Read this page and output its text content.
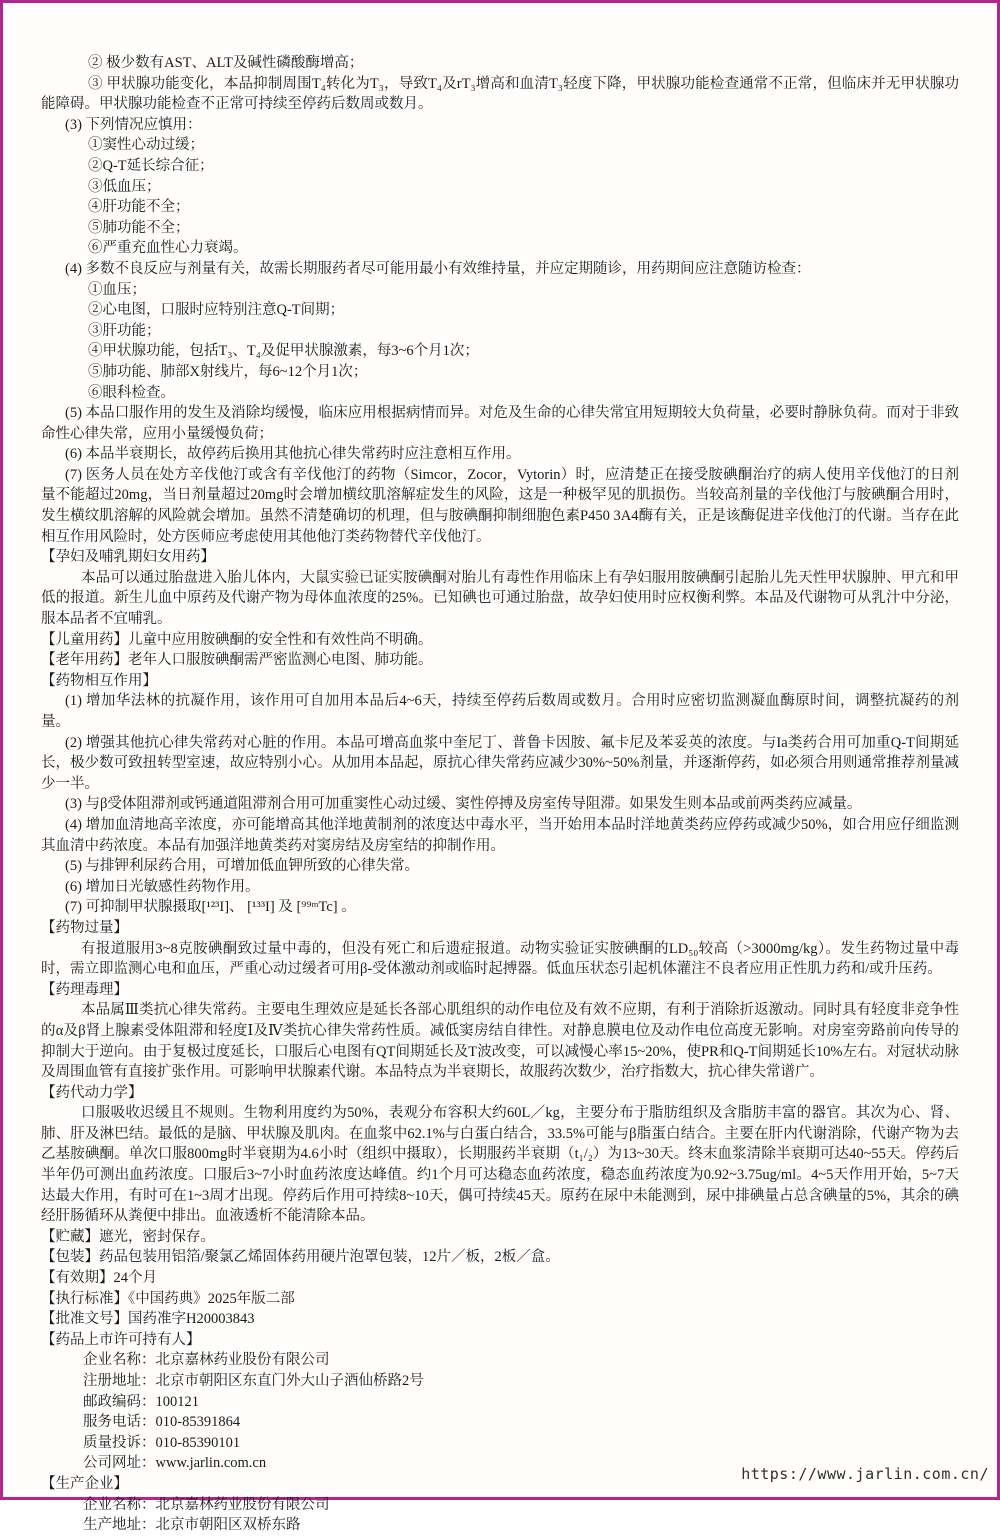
② 极少数有AST、ALT及碱性磷酸酶增高；

③ 甲状腺功能变化，本品抑制周围T₄转化为T₃，导致T₄及rT₃增高和血清T₃轻度下降，甲状腺功能检查通常不正常，但临床并无甲状腺功能障碍。甲状腺功能检查不正常可持续至停药后数周或数月。

(3) 下列情况应慎用：

①窦性心动过缓；

②Q-T延长综合征；

③低血压；

④肝功能不全；

⑤肺功能不全；

⑥严重充血性心力衰竭。

(4) 多数不良反应与剂量有关，故需长期服药者尽可能用最小有效维持量，并应定期随诊，用药期间应注意随访检查：

①血压；

②心电图，口服时应特别注意Q-T间期；

③肝功能；

④甲状腺功能，包括T₃、T₄及促甲状腺激素，每3~6个月1次；

⑤肺功能、肺部X射线片，每6~12个月1次；

⑥眼科检查。

(5) 本品口服作用的发生及消除均缓慢，临床应用根据病情而异。对危及生命的心律失常宜用短期较大负荷量，必要时静脉负荷。而对于非致命性心律失常，应用小量缓慢负荷；

(6) 本品半衰期长，故停药后换用其他抗心律失常药时应注意相互作用。

(7) 医务人员在处方辛伐他汀或含有辛伐他汀的药物（Simcor，Zocor，Vytorin）时，应清楚正在接受胺碘酮治疗的病人使用辛伐他汀的日剂量不能超过20mg，当日剂量超过20mg时会增加横纹肌溶解症发生的风险，这是一种极罕见的肌损伤。当较高剂量的辛伐他汀与胺碘酮合用时，发生横纹肌溶解的风险就会增加。虽然不清楚确切的机理，但与胺碘酮抑制细胞色素P450 3A4酶有关，正是该酶促进辛伐他汀的代谢。当存在此相互作用风险时，处方医师应考虑使用其他他汀类药物替代辛伐他汀。

【孕妇及哺乳期妇女用药】

本品可以通过胎盘进入胎儿体内，大鼠实验已证实胺碘酮对胎儿有毒性作用临床上有孕妇服用胺碘酮引起胎儿先天性甲状腺肿、甲亢和甲低的报道。新生儿血中原药及代谢产物为母体血浓度的25%。已知碘也可通过胎盘，故孕妇使用时应权衡利弊。本品及代谢物可从乳汁中分泌，服本品者不宜哺乳。

【儿童用药】儿童中应用胺碘酮的安全性和有效性尚不明确。

【老年用药】老年人口服胺碘酮需严密监测心电图、肺功能。

【药物相互作用】

(1) 增加华法林的抗凝作用，该作用可自加用本品后4~6天，持续至停药后数周或数月。合用时应密切监测凝血酶原时间，调整抗凝药的剂量。

(2) 增强其他抗心律失常药对心脏的作用。本品可增高血浆中奎尼丁、普鲁卡因胺、氟卡尼及苯妥英的浓度。与Ia类药合用可加重Q-T间期延长，极少数可致扭转型室速，故应特别小心。从加用本品起，原抗心律失常药应减少30%~50%剂量，并逐渐停药，如必须合用则通常推荐剂量减少一半。

(3) 与β受体阻滞剂或钙通道阻滞剂合用可加重窦性心动过缓、窦性停搏及房室传导阻滞。如果发生则本品或前两类药应减量。

(4) 增加血清地高辛浓度，亦可能增高其他洋地黄制剂的浓度达中毒水平，当开始用本品时洋地黄类药应停药或减少50%，如合用应仔细监测其血清中药浓度。本品有加强洋地黄类药对窦房结及房室结的抑制作用。

(5) 与排钾利尿药合用，可增加低血钾所致的心律失常。

(6) 增加日光敏感性药物作用。

(7) 可抑制甲状腺摄取[¹²³I]、 [¹³³I] 及 [⁹⁹ᵐTc] 。

【药物过量】

有报道服用3~8克胺碘酮致过量中毒的，但没有死亡和后遗症报道。动物实验证实胺碘酮的LD₅₀较高（>3000mg/kg）。发生药物过量中毒时，需立即监测心电和血压，严重心动过缓者可用β-受体激动剂或临时起搏器。低血压状态引起机体灌注不良者应用正性肌力药和/或升压药。

【药理毒理】

本品属Ⅲ类抗心律失常药。主要电生理效应是延长各部心肌组织的动作电位及有效不应期，有利于消除折返激动。同时具有轻度非竞争性的α及β肾上腺素受体阻滞和轻度Ⅰ及Ⅳ类抗心律失常药性质。减低窦房结自律性。对静息膜电位及动作电位高度无影响。对房室旁路前向传导的抑制大于逆向。由于复极过度延长，口服后心电图有QT间期延长及T波改变，可以减慢心率15~20%，使PR和Q-T间期延长10%左右。对冠状动脉及周围血管有直接扩张作用。可影响甲状腺素代谢。本品特点为半衰期长，故服药次数少，治疗指数大，抗心律失常谱广。

【药代动力学】

口服吸收迟缓且不规则。生物利用度约为50%，表观分布容积大约60L／kg，主要分布于脂肪组织及含脂肪丰富的器官。其次为心、肾、肺、肝及淋巴结。最低的是脑、甲状腺及肌肉。在血浆中62.1%与白蛋白结合，33.5%可能与β脂蛋白结合。主要在肝内代谢消除，代谢产物为去乙基胺碘酮。单次口服800mg时半衰期为4.6小时（组织中摄取），长期服药半衰期（t₁/₂）为13~30天。终末血浆清除半衰期可达40~55天。停药后半年仍可测出血药浓度。口服后3~7小时血药浓度达峰值。约1个月可达稳态血药浓度，稳态血药浓度为0.92~3.75ug/ml。4~5天作用开始，5~7天达最大作用，有时可在1~3周才出现。停药后作用可持续8~10天，偶可持续45天。原药在尿中未能测到，尿中排碘量占总含碘量的5%，其余的碘经肝肠循环从粪便中排出。血液透析不能清除本品。

【贮藏】遮光，密封保存。

【包装】药品包装用铝箔/聚氯乙烯固体药用硬片泡罩包装，12片／板，2板／盒。

【有效期】24个月

【执行标准】《中国药典》2025年版二部

【批准文号】国药准字H20003843

【药品上市许可持有人】

企业名称：北京嘉林药业股份有限公司

注册地址：北京市朝阳区东直门外大山子酒仙桥路2号

邮政编码：100121

服务电话：010-85391864

质量投诉：010-85390101

公司网址：www.jarlin.com.cn

【生产企业】

企业名称：北京嘉林药业股份有限公司

生产地址：北京市朝阳区双桥东路

https://www.jarlin.com.cn/
